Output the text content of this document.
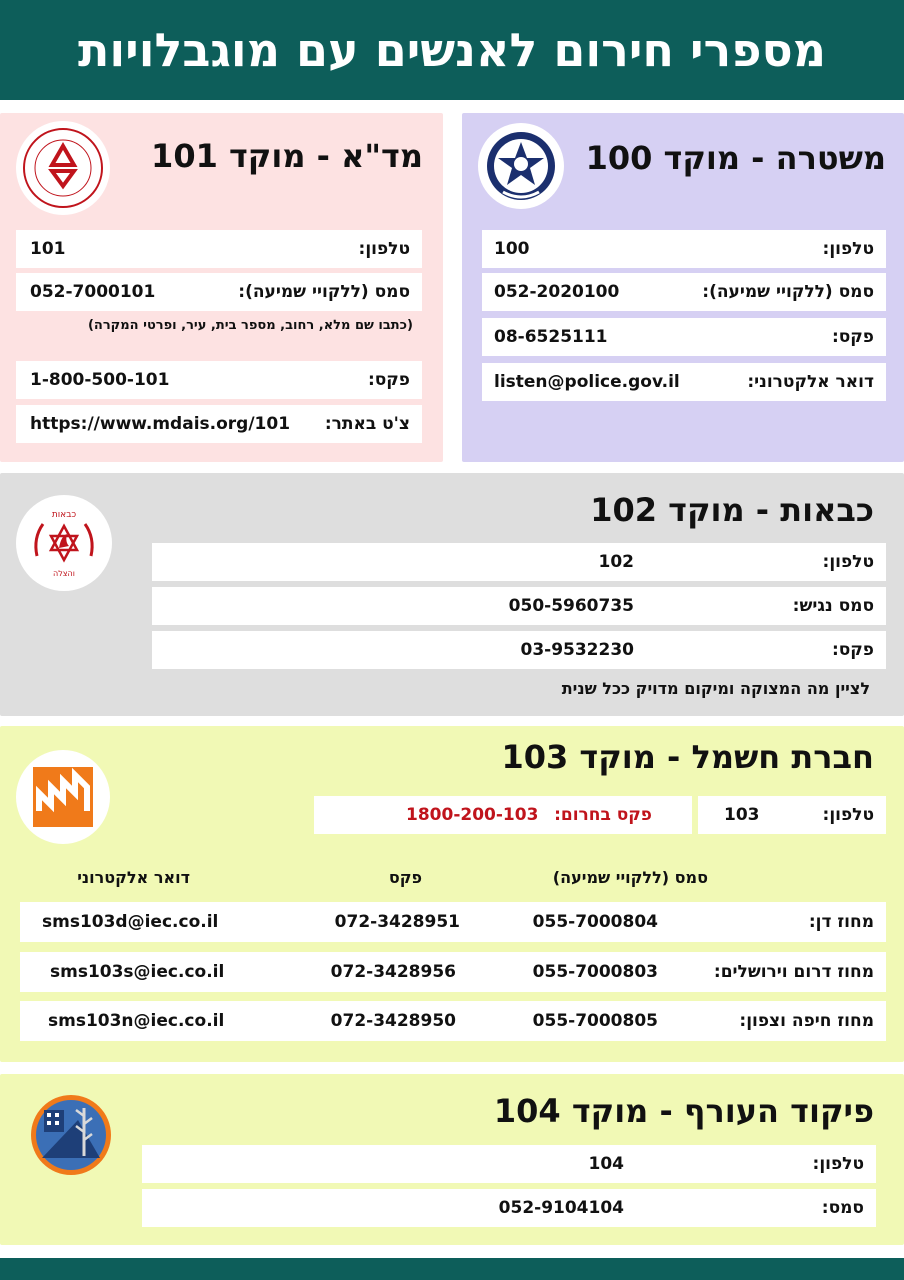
מספרי חירום לאנשים עם מוגבלויות
משטרה - מוקד 100
טלפון:
100
סמס (ללקויי שמיעה):
052-2020100
פקס:
08-6525111
דואר אלקטרוני:
listen@police.gov.il
מד"א - מוקד 101
טלפון:
101
סמס (ללקויי שמיעה):
052-7000101
(כתבו שם מלא, רחוב, מספר בית, עיר, ופרטי המקרה)
פקס:
1-800-500-101
צ'ט באתר:
https://www.mdais.org/101
כבאות - מוקד 102
כבאות
והצלה
טלפון:
102
סמס נגיש:
050-5960735
פקס:
03-9532230
לציין מה המצוקה ומיקום מדויק ככל שנית
חברת חשמל - מוקד 103
טלפון:
103
פקס בחרום:
1800-200-103
סמס (ללקויי שמיעה)
פקס
דואר אלקטרוני
מחוז דן:
055-7000804
072-3428951
sms103d@iec.co.il
מחוז דרום וירושלים:
055-7000803
072-3428956
sms103s@iec.co.il
מחוז חיפה וצפון:
055-7000805
072-3428950
sms103n@iec.co.il
פיקוד העורף - מוקד 104
טלפון:
104
סמס:
052-9104104
